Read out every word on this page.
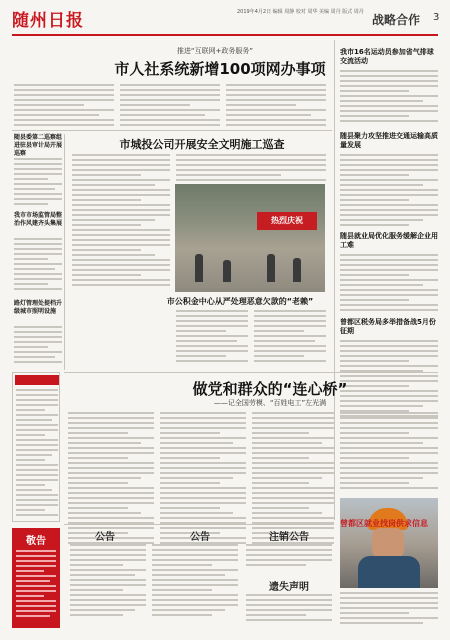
随州日报	2019年4月2日 编辑 周静 校对 周华 美编 周丹 版式 周丹
战略合作 3
推进“互联网+政务服务”
市人社系统新增100项网办事项
随县委第二巡察组进驻县审计局开展巡察
我市市场监管局整治作风建齐头集展
路灯管理处提档升级城市照明设施
市城投公司开展安全文明施工巡查
热烈庆祝
市公积金中心从严处理恶意欠款的“老赖”
我市16名运动员参加省气排球交流活动
随县聚力攻坚推进交通运输高质量发展
随县就业局优化服务缓解企业用工难
曾都区税务局多举措备战5月份征期
做党和群众的“连心桥”
——记全国劳模、“百姓电工”左光满
敬告	公告	公告	注销公告
遗失声明
曾都区就业找岗供求信息
